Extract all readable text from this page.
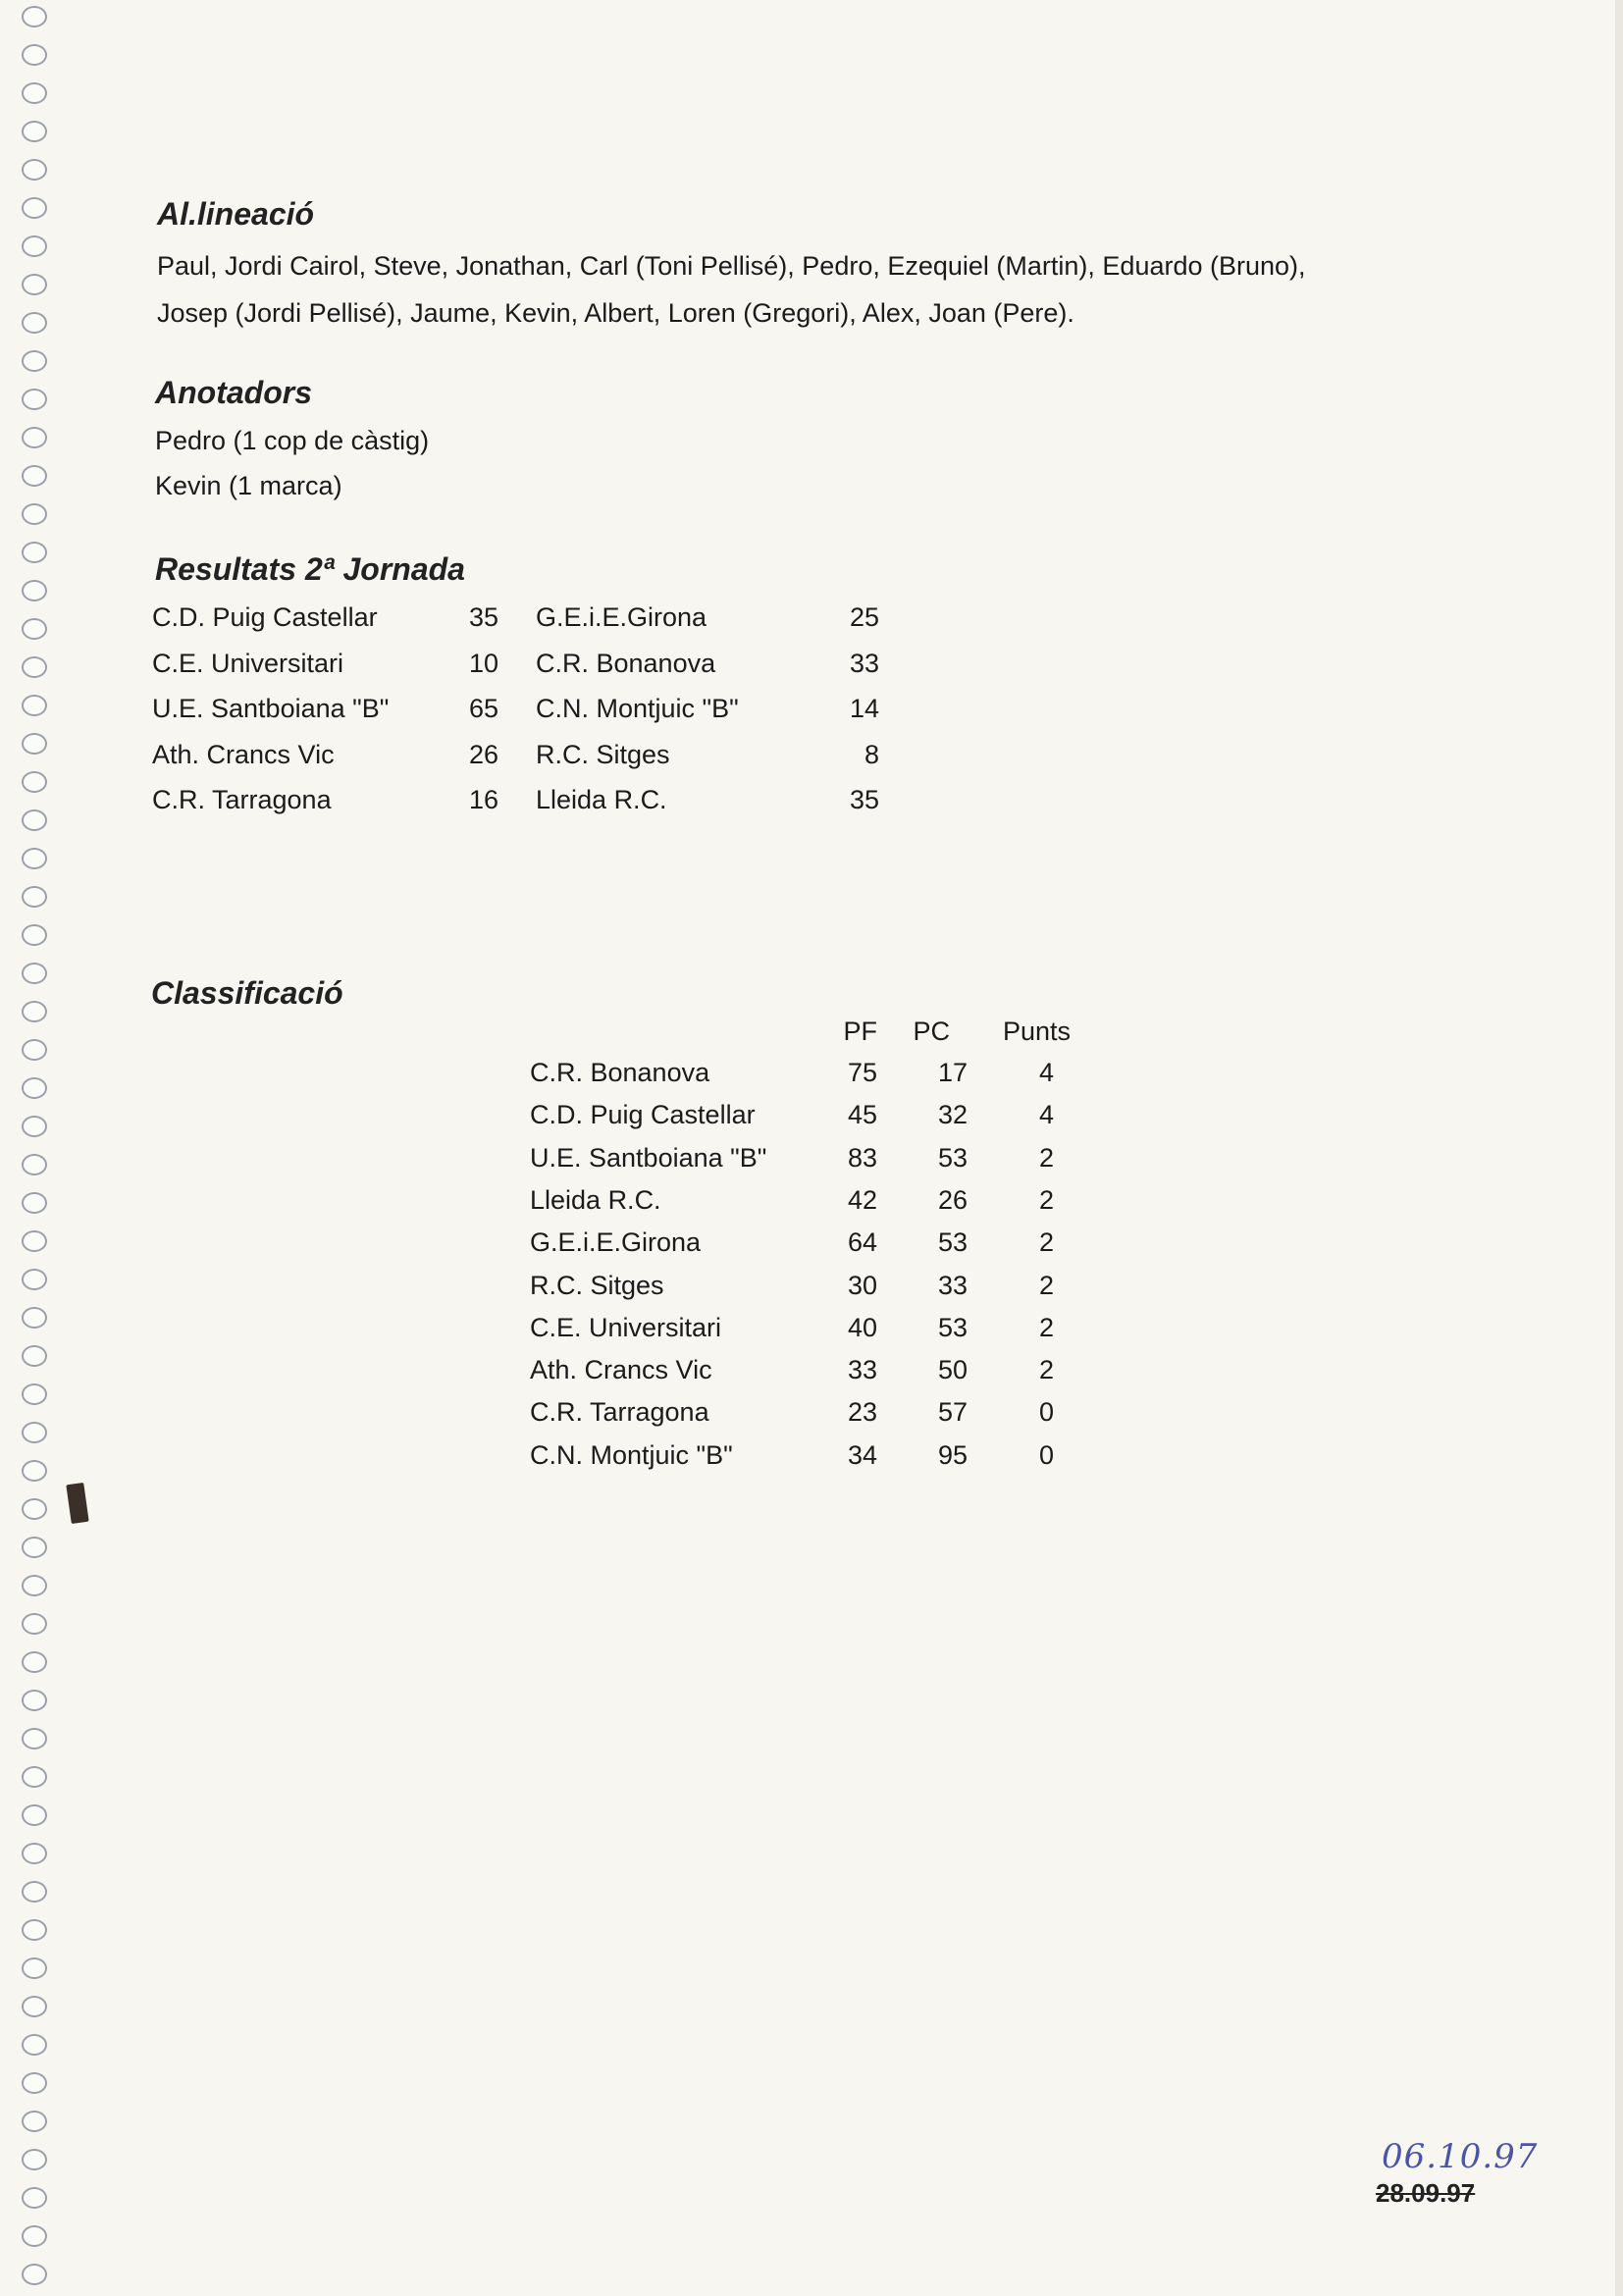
Al.lineació
Paul, Jordi Cairol, Steve, Jonathan, Carl (Toni Pellisé), Pedro, Ezequiel (Martin), Eduardo (Bruno),
Josep (Jordi Pellisé), Jaume, Kevin, Albert, Loren (Gregori), Alex, Joan (Pere).
Anotadors
Pedro (1 cop de càstig)
Kevin (1 marca)
Resultats 2ª Jornada
C.D. Puig Castellar	35 G.E.i.E.Girona	25
C.E. Universitari	10 C.R. Bonanova	33
U.E. Santboiana "B"	65 C.N. Montjuic "B"	14
Ath. Crancs Vic	26 R.C. Sitges	8
C.R. Tarragona	16 Lleida R.C.	35
Classificació
PF PC Punts
C.R. Bonanova	75	17	4
C.D. Puig Castellar	45	32	4
U.E. Santboiana "B"	83	53	2
Lleida R.C.	42	26	2
G.E.i.E.Girona	64	53	2
R.C. Sitges	30	33	2
C.E. Universitari	40	53	2
Ath. Crancs Vic	33	50	2
C.R. Tarragona	23	57	0
C.N. Montjuic "B"	34	95	0
06.10.97
28.09.97
